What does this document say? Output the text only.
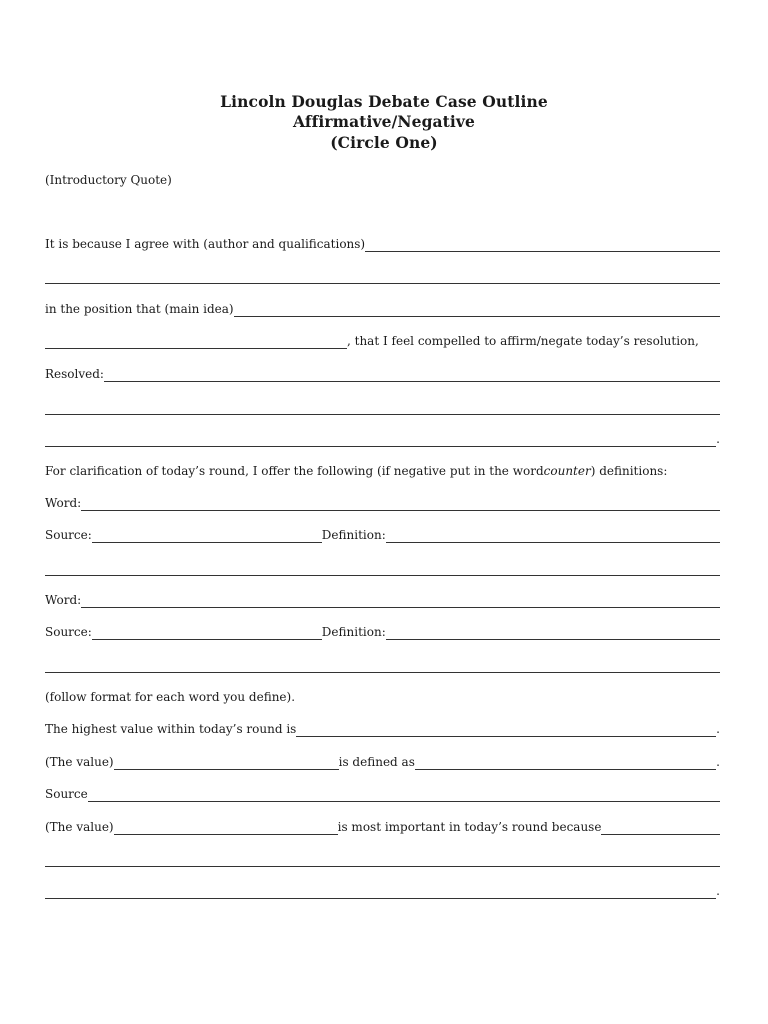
Lincoln Douglas Debate Case Outline
Affirmative/Negative
(Circle One)
(Introductory Quote)
It is because I agree with (author and qualifications)
in the position that (main idea)
, that I feel compelled to affirm/negate today’s resolution,
Resolved:
.
For clarification of today’s round, I offer the following (if negative put in the word counter ) definitions:
Word:
Source:	Definition:
Word:
Source:	Definition:
(follow format for each word you define).
The highest value within today’s round is	.
(The value)	is defined as	.
Source
(The value)	is most important in today’s round because
.
